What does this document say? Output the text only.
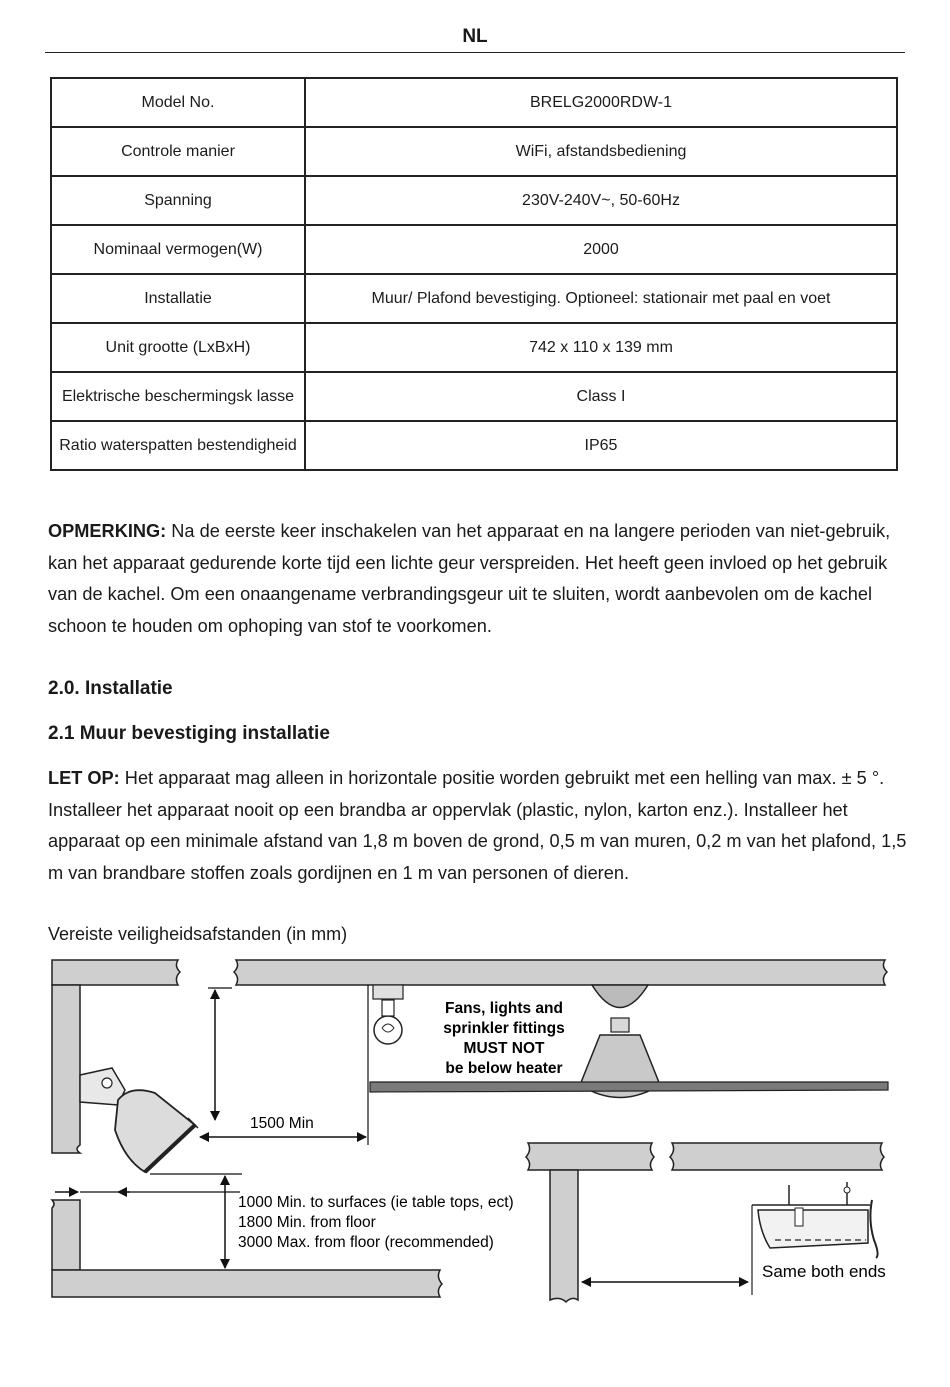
NL
Model No.	BRELG2000RDW-1
Controle manier	WiFi, afstandsbediening
Spanning	230V-240V~, 50-60Hz
Nominaal vermogen(W)	2000
Installatie	Muur/ Plafond bevestiging. Optioneel: stationair met paal en voet
Unit grootte (LxBxH)	742 x 110 x 139 mm
Elektrische beschermingsk lasse	Class I
Ratio waterspatten bestendigheid	IP65
OPMERKING: Na de eerste keer inschakelen van het apparaat en na langere perioden van niet-gebruik, kan het apparaat gedurende korte tijd een lichte geur verspreiden. Het heeft geen invloed op het gebruik van de kachel. Om een onaangename verbrandingsgeur uit te sluiten, wordt aanbevolen om de kachel schoon te houden om ophoping van stof te voorkomen.
2.0. Installatie
2.1 Muur bevestiging installatie
LET OP: Het apparaat mag alleen in horizontale positie worden gebruikt met een helling van max. ± 5 °. Installeer het apparaat nooit op een brandba ar oppervlak (plastic, nylon, karton enz.). Installeer het apparaat op een minimale afstand van 1,8 m boven de grond, 0,5 m van muren, 0,2 m van het plafond, 1,5 m van brandbare stoffen zoals gordijnen en 1 m van personen of dieren.
Vereiste veiligheidsafstanden (in mm)
Fans, lights and
sprinkler fittings
MUST NOT
be below heater
1500 Min
1000 Min. to surfaces (ie table tops, ect)
1800 Min. from floor
3000 Max. from floor (recommended)
Same both ends
